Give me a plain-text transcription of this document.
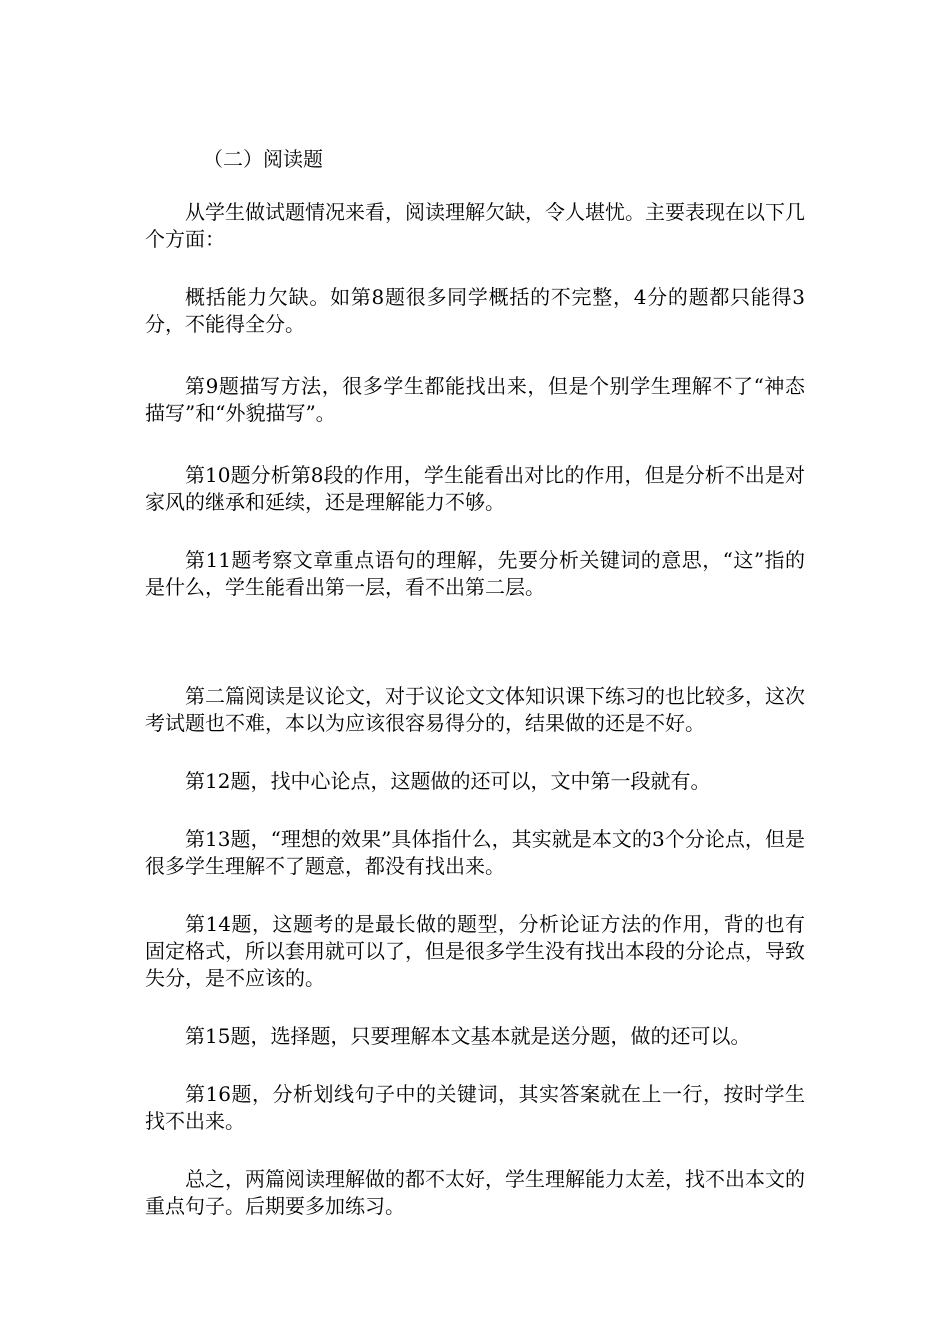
（二）阅读题

从学生做试题情况来看，阅读理解欠缺，令人堪忧。主要表现在以下几个方面：

概括能力欠缺。如第8题很多同学概括的不完整，4分的题都只能得3分，不能得全分。

第9题描写方法，很多学生都能找出来，但是个别学生理解不了“神态描写”和“外貌描写”。

第10题分析第8段的作用，学生能看出对比的作用，但是分析不出是对家风的继承和延续，还是理解能力不够。

第11题考察文章重点语句的理解，先要分析关键词的意思，“这”指的是什么，学生能看出第一层，看不出第二层。

第二篇阅读是议论文，对于议论文文体知识课下练习的也比较多，这次考试题也不难，本以为应该很容易得分的，结果做的还是不好。

第12题，找中心论点，这题做的还可以，文中第一段就有。

第13题，“理想的效果”具体指什么，其实就是本文的3个分论点，但是很多学生理解不了题意，都没有找出来。

第14题，这题考的是最长做的题型，分析论证方法的作用，背的也有固定格式，所以套用就可以了，但是很多学生没有找出本段的分论点，导致失分，是不应该的。

第15题，选择题，只要理解本文基本就是送分题，做的还可以。

第16题，分析划线句子中的关键词，其实答案就在上一行，按时学生找不出来。

总之，两篇阅读理解做的都不太好，学生理解能力太差，找不出本文的重点句子。后期要多加练习。
